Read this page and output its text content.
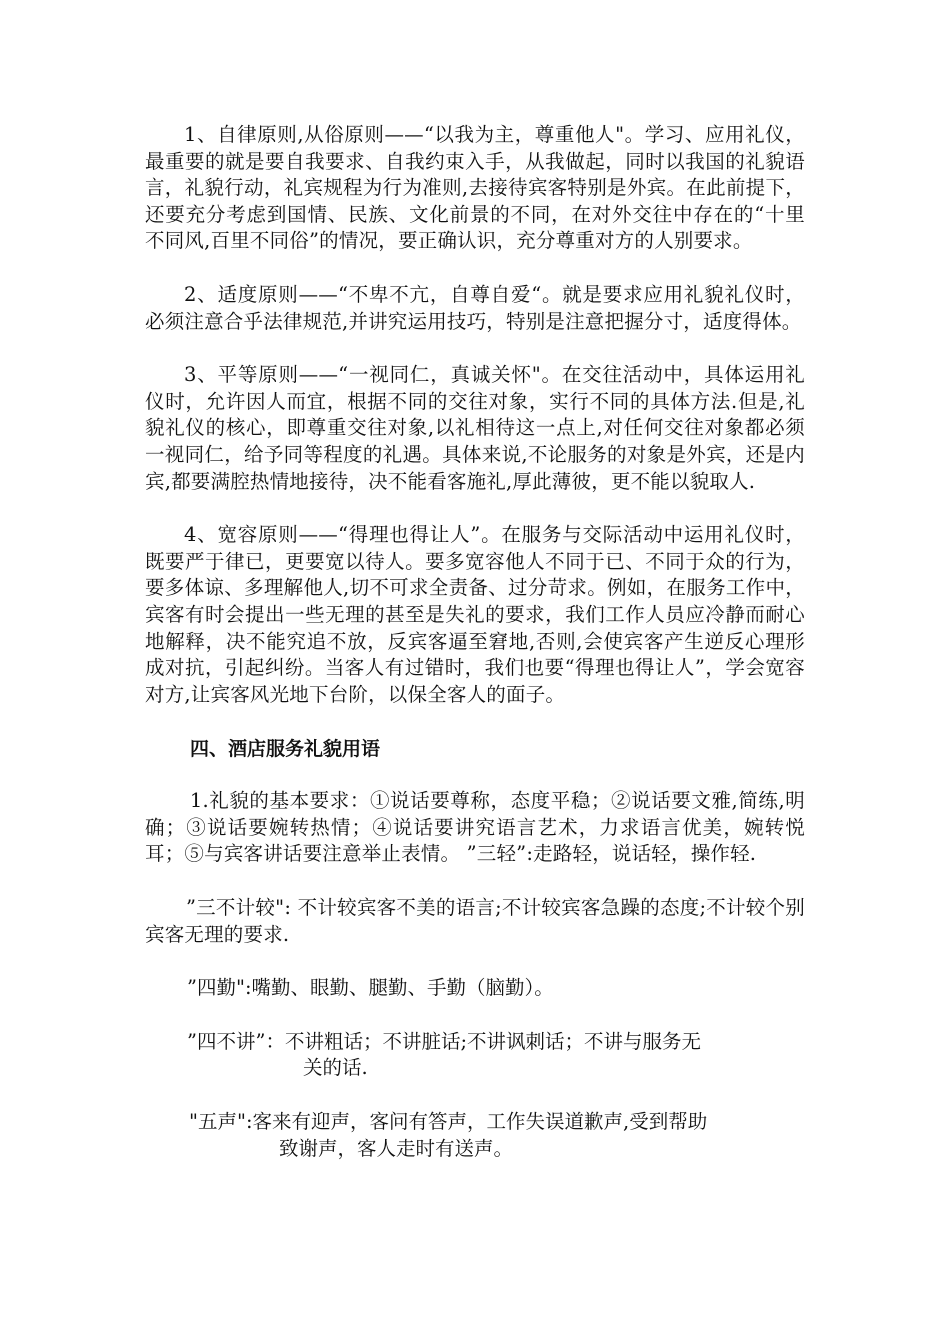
1、自律原则,从俗原则——“以我为主，尊重他人"。学习、应用礼仪，最重要的就是要自我要求、自我约束入手，从我做起，同时以我国的礼貌语言，礼貌行动，礼宾规程为行为准则,去接待宾客特别是外宾。在此前提下，还要充分考虑到国情、民族、文化前景的不同，在对外交往中存在的“十里不同风,百里不同俗”的情况，要正确认识，充分尊重对方的人别要求。

2、适度原则——“不卑不亢，自尊自爱“。就是要求应用礼貌礼仪时，必须注意合乎法律规范,并讲究运用技巧，特别是注意把握分寸，适度得体。

3、平等原则——“一视同仁，真诚关怀"。在交往活动中，具体运用礼仪时，允许因人而宜，根据不同的交往对象，实行不同的具体方法.但是,礼貌礼仪的核心，即尊重交往对象,以礼相待这一点上,对任何交往对象都必须一视同仁，给予同等程度的礼遇。具体来说,不论服务的对象是外宾，还是内宾,都要满腔热情地接待，决不能看客施礼,厚此薄彼，更不能以貌取人.

4、宽容原则——“得理也得让人”。在服务与交际活动中运用礼仪时，既要严于律已，更要宽以待人。要多宽容他人不同于已、不同于众的行为，要多体谅、多理解他人,切不可求全责备、过分苛求。例如，在服务工作中，宾客有时会提出一些无理的甚至是失礼的要求，我们工作人员应冷静而耐心地解释，决不能究追不放，反宾客逼至窘地,否则,会使宾客产生逆反心理形成对抗，引起纠纷。当客人有过错时，我们也要“得理也得让人”，学会宽容对方,让宾客风光地下台阶，以保全客人的面子。

四、酒店服务礼貌用语

1.礼貌的基本要求：①说话要尊称，态度平稳；②说话要文雅,简练,明确；③说话要婉转热情；④说话要讲究语言艺术，力求语言优美，婉转悦耳；⑤与宾客讲话要注意举止表情。 ”三轻”:走路轻，说话轻，操作轻.

”三不计较": 不计较宾客不美的语言;不计较宾客急躁的态度;不计较个别宾客无理的要求.

”四勤":嘴勤、眼勤、腿勤、手勤（脑勤）。

”四不讲”：不讲粗话；不讲脏话;不讲讽刺话；不讲与服务无
关的话.

"五声":客来有迎声，客问有答声，工作失误道歉声,受到帮助
致谢声，客人走时有送声。
